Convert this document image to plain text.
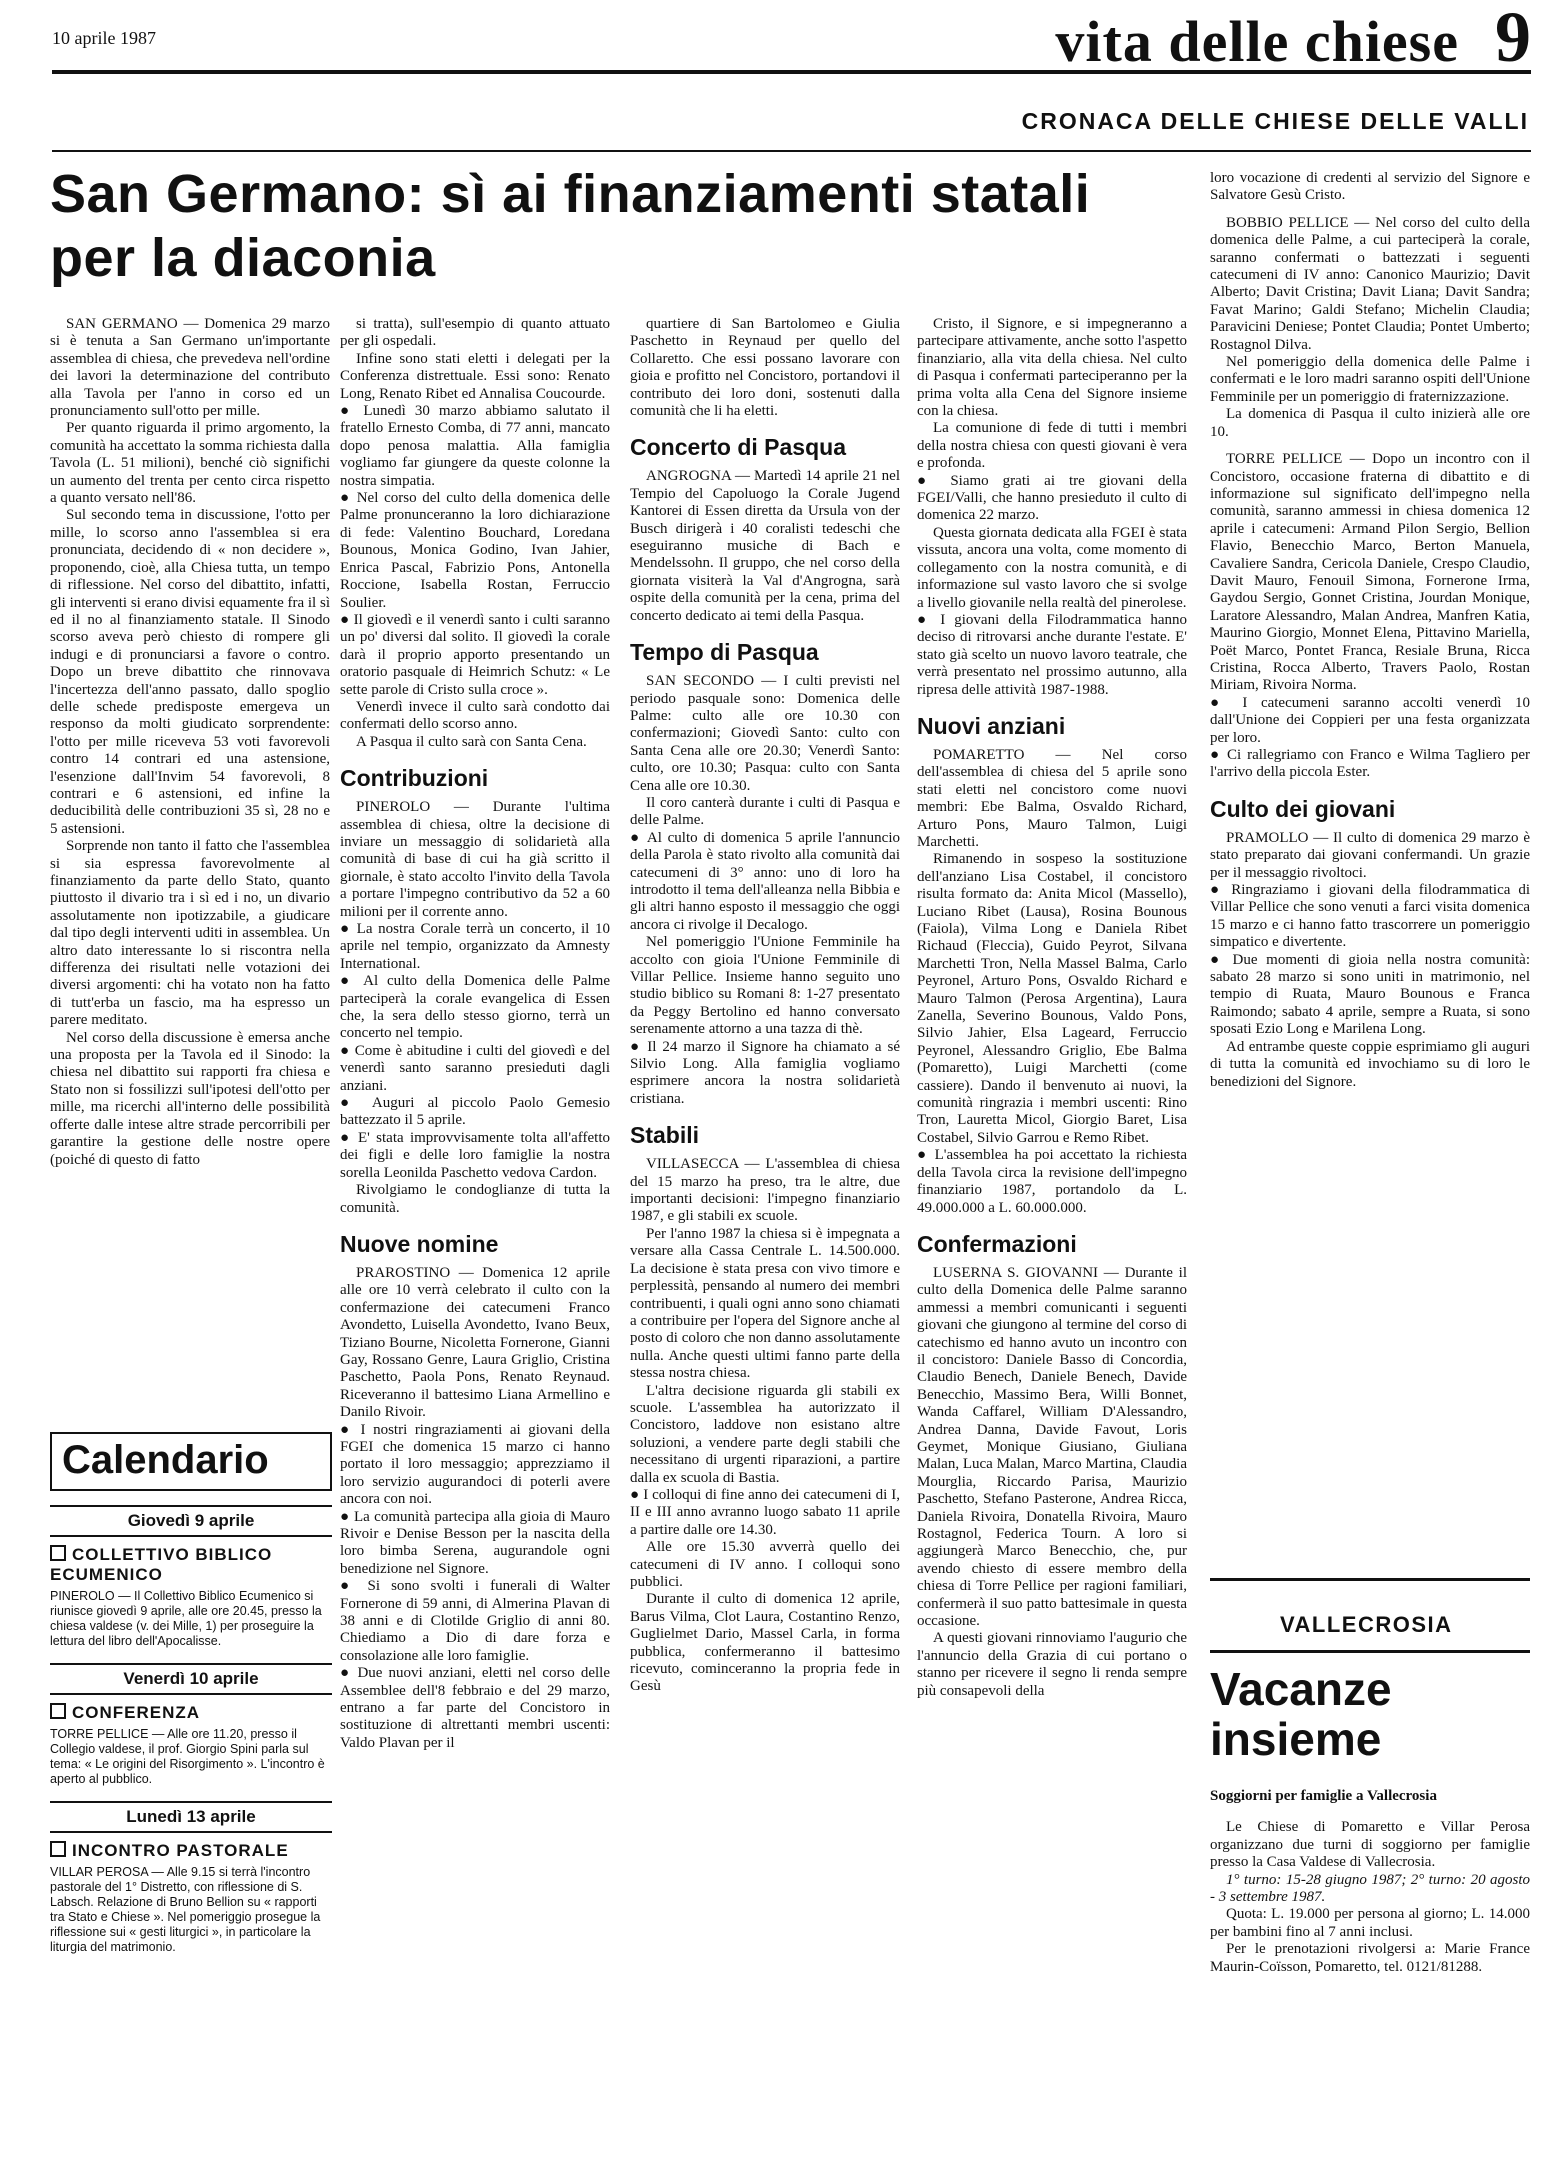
10 aprile 1987	vita delle chiese 9
CRONACA DELLE CHIESE DELLE VALLI
San Germano: sì ai finanziamenti statali per la diaconia

SAN GERMANO — Domenica 29 marzo si è tenuta a San Germano un'importante assemblea di chiesa, che prevedeva nell'ordine dei lavori la determinazione del contributo alla Tavola per l'anno in corso ed un pronunciamento sull'otto per mille.

Per quanto riguarda il primo argomento, la comunità ha accettato la somma richiesta dalla Tavola (L. 51 milioni), benché ciò significhi un aumento del trenta per cento circa rispetto a quanto versato nell'86.

Sul secondo tema in discussione, l'otto per mille, lo scorso anno l'assemblea si era pronunciata, decidendo di « non decidere », proponendo, cioè, alla Chiesa tutta, un tempo di riflessione. Nel corso del dibattito, infatti, gli interventi si erano divisi equamente fra il sì ed il no al finanziamento statale. Il Sinodo scorso aveva però chiesto di rompere gli indugi e di pronunciarsi a favore o contro. Dopo un breve dibattito che rinnovava l'incertezza dell'anno passato, dallo spoglio delle schede predisposte emergeva un responso da molti giudicato sorprendente: l'otto per mille riceveva 53 voti favorevoli contro 14 contrari ed una astensione, l'esenzione dall'Invim 54 favorevoli, 8 contrari e 6 astensioni, ed infine la deducibilità delle contribuzioni 35 sì, 28 no e 5 astensioni.

Sorprende non tanto il fatto che l'assemblea si sia espressa favorevolmente al finanziamento da parte dello Stato, quanto piuttosto il divario tra i sì ed i no, un divario assolutamente non ipotizzabile, a giudicare dal tipo degli interventi uditi in assemblea. Un altro dato interessante lo si riscontra nella differenza dei risultati nelle votazioni dei diversi argomenti: chi ha votato non ha fatto di tutt'erba un fascio, ma ha espresso un parere meditato.

Nel corso della discussione è emersa anche una proposta per la Tavola ed il Sinodo: la chiesa nel dibattito sui rapporti fra chiesa e Stato non si fossilizzi sull'ipotesi dell'otto per mille, ma ricerchi all'interno delle possibilità offerte dalle intese altre strade percorribili per garantire la gestione delle nostre opere (poiché di questo di fatto

si tratta), sull'esempio di quanto attuato per gli ospedali.

Infine sono stati eletti i delegati per la Conferenza distrettuale. Essi sono: Renato Long, Renato Ribet ed Annalisa Coucourde.

● Lunedì 30 marzo abbiamo salutato il fratello Ernesto Comba, di 77 anni, mancato dopo penosa malattia. Alla famiglia vogliamo far giungere da queste colonne la nostra simpatia.

● Nel corso del culto della domenica delle Palme pronunceranno la loro dichiarazione di fede: Valentino Bouchard, Loredana Bounous, Monica Godino, Ivan Jahier, Enrica Pascal, Fabrizio Pons, Antonella Roccione, Isabella Rostan, Ferruccio Soulier.

● Il giovedì e il venerdì santo i culti saranno un po' diversi dal solito. Il giovedì la corale darà il proprio apporto presentando un oratorio pasquale di Heimrich Schutz: « Le sette parole di Cristo sulla croce ».

Venerdì invece il culto sarà condotto dai confermati dello scorso anno.

A Pasqua il culto sarà con Santa Cena.

Contribuzioni

PINEROLO — Durante l'ultima assemblea di chiesa, oltre la decisione di inviare un messaggio di solidarietà alla comunità di base di cui ha già scritto il giornale, è stato accolto l'invito della Tavola a portare l'impegno contributivo da 52 a 60 milioni per il corrente anno.

● La nostra Corale terrà un concerto, il 10 aprile nel tempio, organizzato da Amnesty International.

● Al culto della Domenica delle Palme parteciperà la corale evangelica di Essen che, la sera dello stesso giorno, terrà un concerto nel tempio.

● Come è abitudine i culti del giovedì e del venerdì santo saranno presieduti dagli anziani.

● Auguri al piccolo Paolo Gemesio battezzato il 5 aprile.

● E' stata improvvisamente tolta all'affetto dei figli e delle loro famiglie la nostra sorella Leonilda Paschetto vedova Cardon.

Rivolgiamo le condoglianze di tutta la comunità.

Nuove nomine

PRAROSTINO — Domenica 12 aprile alle ore 10 verrà celebrato il culto con la confermazione dei catecumeni Franco Avondetto, Luisella Avondetto, Ivano Beux, Tiziano Bourne, Nicoletta Fornerone, Gianni Gay, Rossano Genre, Laura Griglio, Cristina Paschetto, Paola Pons, Renato Reynaud. Riceveranno il battesimo Liana Armellino e Danilo Rivoir.

● I nostri ringraziamenti ai giovani della FGEI che domenica 15 marzo ci hanno portato il loro messaggio; apprezziamo il loro servizio augurandoci di poterli avere ancora con noi.

● La comunità partecipa alla gioia di Mauro Rivoir e Denise Besson per la nascita della loro bimba Serena, augurandole ogni benedizione nel Signore.

● Si sono svolti i funerali di Walter Fornerone di 59 anni, di Almerina Plavan di 38 anni e di Clotilde Griglio di anni 80. Chiediamo a Dio di dare forza e consolazione alle loro famiglie.

● Due nuovi anziani, eletti nel corso delle Assemblee dell'8 febbraio e del 29 marzo, entrano a far parte del Concistoro in sostituzione di altrettanti membri uscenti: Valdo Plavan per il

quartiere di San Bartolomeo e Giulia Paschetto in Reynaud per quello del Collaretto. Che essi possano lavorare con gioia e profitto nel Concistoro, portandovi il contributo dei loro doni, sostenuti dalla comunità che li ha eletti.

Concerto di Pasqua

ANGROGNA — Martedì 14 aprile 21 nel Tempio del Capoluogo la Corale Jugend Kantorei di Essen diretta da Ursula von der Busch dirigerà i 40 coralisti tedeschi che eseguiranno musiche di Bach e Mendelssohn. Il gruppo, che nel corso della giornata visiterà la Val d'Angrogna, sarà ospite della comunità per la cena, prima del concerto dedicato ai temi della Pasqua.

Tempo di Pasqua

SAN SECONDO — I culti previsti nel periodo pasquale sono: Domenica delle Palme: culto alle ore 10.30 con confermazioni; Giovedì Santo: culto con Santa Cena alle ore 20.30; Venerdì Santo: culto, ore 10.30; Pasqua: culto con Santa Cena alle ore 10.30.

Il coro canterà durante i culti di Pasqua e delle Palme.

● Al culto di domenica 5 aprile l'annuncio della Parola è stato rivolto alla comunità dai catecumeni di 3° anno: uno di loro ha introdotto il tema dell'alleanza nella Bibbia e gli altri hanno esposto il messaggio che oggi ancora ci rivolge il Decalogo.

Nel pomeriggio l'Unione Femminile ha accolto con gioia l'Unione Femminile di Villar Pellice. Insieme hanno seguito uno studio biblico su Romani 8: 1-27 presentato da Peggy Bertolino ed hanno conversato serenamente attorno a una tazza di thè.

● Il 24 marzo il Signore ha chiamato a sé Silvio Long. Alla famiglia vogliamo esprimere ancora la nostra solidarietà cristiana.

Stabili

VILLASECCA — L'assemblea di chiesa del 15 marzo ha preso, tra le altre, due importanti decisioni: l'impegno finanziario 1987, e gli stabili ex scuole.

Per l'anno 1987 la chiesa si è impegnata a versare alla Cassa Centrale L. 14.500.000. La decisione è stata presa con vivo timore e perplessità, pensando al numero dei membri contribuenti, i quali ogni anno sono chiamati a contribuire per l'opera del Signore anche al posto di coloro che non danno assolutamente nulla. Anche questi ultimi fanno parte della stessa nostra chiesa.

L'altra decisione riguarda gli stabili ex scuole. L'assemblea ha autorizzato il Concistoro, laddove non esistano altre soluzioni, a vendere parte degli stabili che necessitano di urgenti riparazioni, a partire dalla ex scuola di Bastia.

● I colloqui di fine anno dei catecumeni di I, II e III anno avranno luogo sabato 11 aprile a partire dalle ore 14.30.

Alle ore 15.30 avverrà quello dei catecumeni di IV anno. I colloqui sono pubblici.

Durante il culto di domenica 12 aprile, Barus Vilma, Clot Laura, Costantino Renzo, Guglielmet Dario, Massel Carla, in forma pubblica, confermeranno il battesimo ricevuto, cominceranno la propria fede in Gesù

Cristo, il Signore, e si impegneranno a partecipare attivamente, anche sotto l'aspetto finanziario, alla vita della chiesa. Nel culto di Pasqua i confermati parteciperanno per la prima volta alla Cena del Signore insieme con la chiesa.

La comunione di fede di tutti i membri della nostra chiesa con questi giovani è vera e profonda.

● Siamo grati ai tre giovani della FGEI/Valli, che hanno presieduto il culto di domenica 22 marzo.

Questa giornata dedicata alla FGEI è stata vissuta, ancora una volta, come momento di collegamento con la nostra comunità, e di informazione sul vasto lavoro che si svolge a livello giovanile nella realtà del pinerolese.

● I giovani della Filodrammatica hanno deciso di ritrovarsi anche durante l'estate. E' stato già scelto un nuovo lavoro teatrale, che verrà presentato nel prossimo autunno, alla ripresa delle attività 1987-1988.

Nuovi anziani

POMARETTO — Nel corso dell'assemblea di chiesa del 5 aprile sono stati eletti nel concistoro come nuovi membri: Ebe Balma, Osvaldo Richard, Arturo Pons, Mauro Talmon, Luigi Marchetti.

Rimanendo in sospeso la sostituzione dell'anziano Lisa Costabel, il concistoro risulta formato da: Anita Micol (Massello), Luciano Ribet (Lausa), Rosina Bounous (Faiola), Vilma Long e Daniela Ribet Richaud (Fleccia), Guido Peyrot, Silvana Marchetti Tron, Nella Massel Balma, Carlo Peyronel, Arturo Pons, Osvaldo Richard e Mauro Talmon (Perosa Argentina), Laura Zanella, Severino Bounous, Valdo Pons, Silvio Jahier, Elsa Lageard, Ferruccio Peyronel, Alessandro Griglio, Ebe Balma (Pomaretto), Luigi Marchetti (come cassiere). Dando il benvenuto ai nuovi, la comunità ringrazia i membri uscenti: Rino Tron, Lauretta Micol, Giorgio Baret, Lisa Costabel, Silvio Garrou e Remo Ribet.

● L'assemblea ha poi accettato la richiesta della Tavola circa la revisione dell'impegno finanziario 1987, portandolo da L. 49.000.000 a L. 60.000.000.

Confermazioni

LUSERNA S. GIOVANNI — Durante il culto della Domenica delle Palme saranno ammessi a membri comunicanti i seguenti giovani che giungono al termine del corso di catechismo ed hanno avuto un incontro con il concistoro: Daniele Basso di Concordia, Claudio Benech, Daniele Benech, Davide Benecchio, Massimo Bera, Willi Bonnet, Wanda Caffarel, William D'Alessandro, Andrea Danna, Davide Favout, Loris Geymet, Monique Giusiano, Giuliana Malan, Luca Malan, Marco Martina, Claudia Mourglia, Riccardo Parisa, Maurizio Paschetto, Stefano Pasterone, Andrea Ricca, Daniela Rivoira, Donatella Rivoira, Mauro Rostagnol, Federica Tourn. A loro si aggiungerà Marco Benecchio, che, pur avendo chiesto di essere membro della chiesa di Torre Pellice per ragioni familiari, confermerà il suo patto battesimale in questa occasione.

A questi giovani rinnoviamo l'augurio che l'annuncio della Grazia di cui portano o stanno per ricevere il segno li renda sempre più consapevoli della

loro vocazione di credenti al servizio del Signore e Salvatore Gesù Cristo.

BOBBIO PELLICE — Nel corso del culto della domenica delle Palme, a cui parteciperà la corale, saranno confermati o battezzati i seguenti catecumeni di IV anno: Canonico Maurizio; Davit Alberto; Davit Cristina; Davit Liana; Davit Sandra; Favat Marino; Galdi Stefano; Michelin Claudia; Paravicini Deniese; Pontet Claudia; Pontet Umberto; Rostagnol Dilva.

Nel pomeriggio della domenica delle Palme i confermati e le loro madri saranno ospiti dell'Unione Femminile per un pomeriggio di fraternizzazione.

La domenica di Pasqua il culto inizierà alle ore 10.

TORRE PELLICE — Dopo un incontro con il Concistoro, occasione fraterna di dibattito e di informazione sul significato dell'impegno nella comunità, saranno ammessi in chiesa domenica 12 aprile i catecumeni: Armand Pilon Sergio, Bellion Flavio, Benecchio Marco, Berton Manuela, Cavaliere Sandra, Cericola Daniele, Crespo Claudio, Davit Mauro, Fenouil Simona, Fornerone Irma, Gaydou Sergio, Gonnet Cristina, Jourdan Monique, Laratore Alessandro, Malan Andrea, Manfren Katia, Maurino Giorgio, Monnet Elena, Pittavino Mariella, Poët Marco, Pontet Franca, Resiale Bruna, Ricca Cristina, Rocca Alberto, Travers Paolo, Rostan Miriam, Rivoira Norma.

● I catecumeni saranno accolti venerdì 10 dall'Unione dei Coppieri per una festa organizzata per loro.

● Ci rallegriamo con Franco e Wilma Tagliero per l'arrivo della piccola Ester.

Culto dei giovani

PRAMOLLO — Il culto di domenica 29 marzo è stato preparato dai giovani confermandi. Un grazie per il messaggio rivoltoci.

● Ringraziamo i giovani della filodrammatica di Villar Pellice che sono venuti a farci visita domenica 15 marzo e ci hanno fatto trascorrere un pomeriggio simpatico e divertente.

● Due momenti di gioia nella nostra comunità: sabato 28 marzo si sono uniti in matrimonio, nel tempio di Ruata, Mauro Bounous e Franca Raimondo; sabato 4 aprile, sempre a Ruata, si sono sposati Ezio Long e Marilena Long.

Ad entrambe queste coppie esprimiamo gli auguri di tutta la comunità ed invochiamo su di loro le benedizioni del Signore.

Calendario
Giovedì 9 aprile
COLLETTIVO BIBLICO ECUMENICO
PINEROLO — Il Collettivo Biblico Ecumenico si riunisce giovedì 9 aprile, alle ore 20.45, presso la chiesa valdese (v. dei Mille, 1) per proseguire la lettura del libro dell'Apocalisse.
Venerdì 10 aprile
CONFERENZA
TORRE PELLICE — Alle ore 11.20, presso il Collegio valdese, il prof. Giorgio Spini parla sul tema: « Le origini del Risorgimento ». L'incontro è aperto al pubblico.
Lunedì 13 aprile
INCONTRO PASTORALE
VILLAR PEROSA — Alle 9.15 si terrà l'incontro pastorale del 1° Distretto, con riflessione di S. Labsch. Relazione di Bruno Bellion su « rapporti tra Stato e Chiese ». Nel pomeriggio prosegue la riflessione sui « gesti liturgici », in particolare la liturgia del matrimonio.
VALLECROSIA
Vacanze insieme
Soggiorni per famiglie a Vallecrosia

Le Chiese di Pomaretto e Villar Perosa organizzano due turni di soggiorno per famiglie presso la Casa Valdese di Vallecrosia.

1° turno: 15-28 giugno 1987; 2° turno: 20 agosto - 3 settembre 1987.

Quota: L. 19.000 per persona al giorno; L. 14.000 per bambini fino al 7 anni inclusi.

Per le prenotazioni rivolgersi a: Marie France Maurin-Coïsson, Pomaretto, tel. 0121/81288.
